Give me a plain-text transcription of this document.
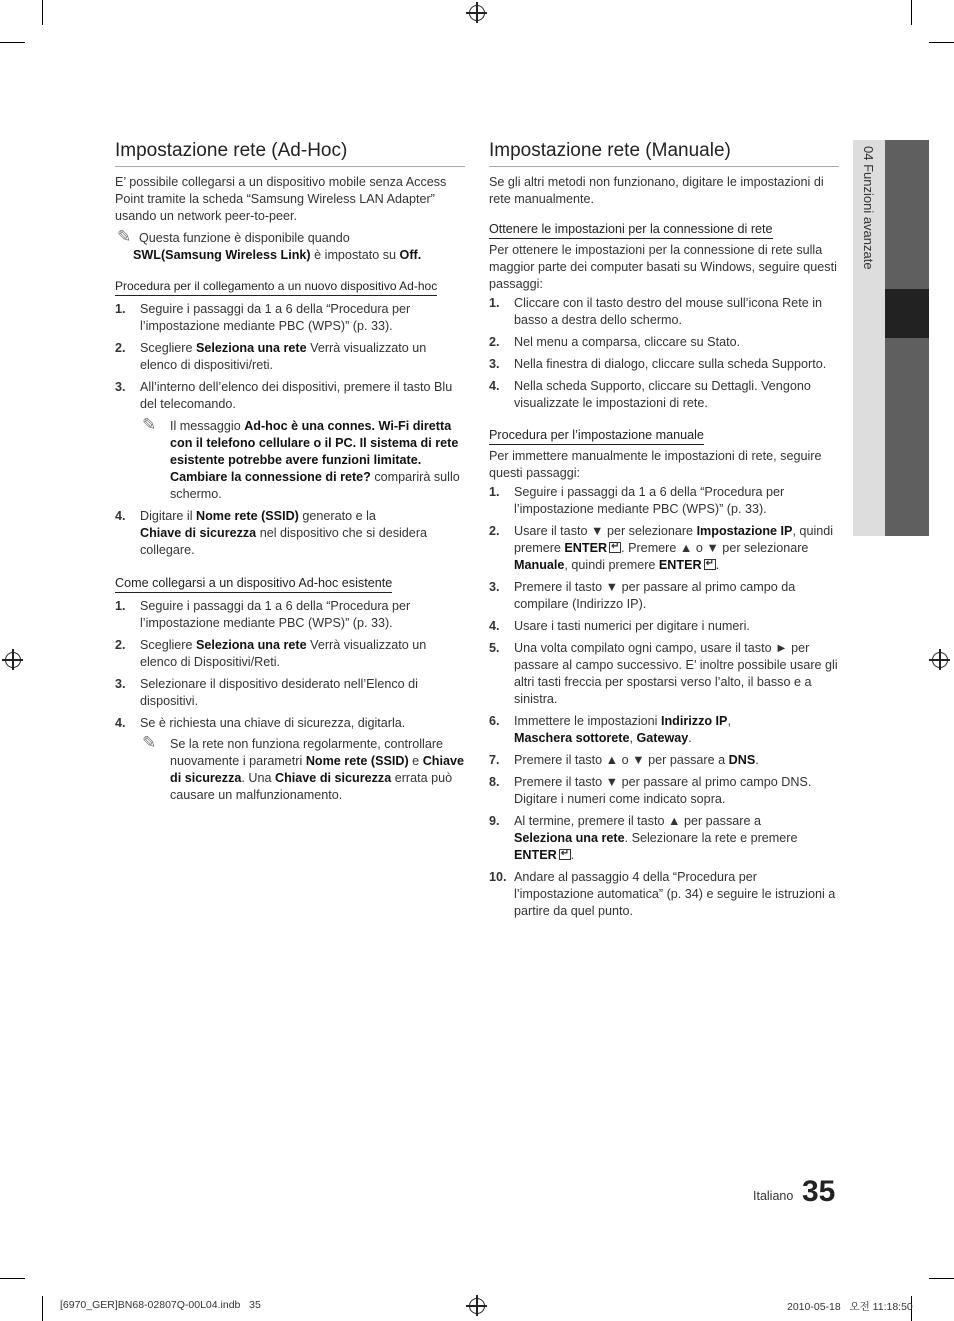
04 Funzioni avanzate
Impostazione rete (Ad-Hoc)

E’ possibile collegarsi a un dispositivo mobile senza Access Point tramite la scheda “Samsung Wireless LAN Adapter” usando un network peer-to-peer.

✎ Questa funzione è disponibile quando
SWL(Samsung Wireless Link) è impostato su Off.
Procedura per il collegamento a un nuovo dispositivo Ad-hoc
1. Seguire i passaggi da 1 a 6 della “Procedura per l’impostazione mediante PBC (WPS)” (p. 33).
2. Scegliere Seleziona una rete Verrà visualizzato un elenco di dispositivi/reti.
3. All’interno dell’elenco dei dispositivi, premere il tasto Blu del telecomando.
✎ Il messaggio Ad-hoc è una connes. Wi-Fi diretta con il telefono cellulare o il PC. Il sistema di rete esistente potrebbe avere funzioni limitate. Cambiare la connessione di rete? comparirà sullo schermo.
4. Digitare il Nome rete (SSID) generato e la
Chiave di sicurezza nel dispositivo che si desidera collegare.
Come collegarsi a un dispositivo Ad-hoc esistente
1. Seguire i passaggi da 1 a 6 della “Procedura per l’impostazione mediante PBC (WPS)” (p. 33).
2. Scegliere Seleziona una rete Verrà visualizzato un elenco di Dispositivi/Reti.
3. Selezionare il dispositivo desiderato nell’Elenco di dispositivi.
4. Se è richiesta una chiave di sicurezza, digitarla.
✎ Se la rete non funziona regolarmente, controllare nuovamente i parametri Nome rete (SSID) e Chiave di sicurezza. Una Chiave di sicurezza errata può causare un malfunzionamento.
Impostazione rete (Manuale)

Se gli altri metodi non funzionano, digitare le impostazioni di rete manualmente.

Ottenere le impostazioni per la connessione di rete

Per ottenere le impostazioni per la connessione di rete sulla maggior parte dei computer basati su Windows, seguire questi passaggi:

1. Cliccare con il tasto destro del mouse sull’icona Rete in basso a destra dello schermo.
2. Nel menu a comparsa, cliccare su Stato.
3. Nella finestra di dialogo, cliccare sulla scheda Supporto.
4. Nella scheda Supporto, cliccare su Dettagli. Vengono visualizzate le impostazioni di rete.
Procedura per l’impostazione manuale

Per immettere manualmente le impostazioni di rete, seguire questi passaggi:

1. Seguire i passaggi da 1 a 6 della “Procedura per l’impostazione mediante PBC (WPS)” (p. 33).
2. Usare il tasto ▼ per selezionare Impostazione IP, quindi premere ENTER ↵ . Premere ▲ o ▼ per selezionare Manuale, quindi premere ENTER ↵ .
3. Premere il tasto ▼ per passare al primo campo da compilare (Indirizzo IP).
4. Usare i tasti numerici per digitare i numeri.
5. Una volta compilato ogni campo, usare il tasto ► per passare al campo successivo. E’ inoltre possibile usare gli altri tasti freccia per spostarsi verso l’alto, il basso e a sinistra.
6. Immettere le impostazioni Indirizzo IP,
Maschera sottorete, Gateway.
7. Premere il tasto ▲ o ▼ per passare a DNS.
8. Premere il tasto ▼ per passare al primo campo DNS. Digitare i numeri come indicato sopra.
9. Al termine, premere il tasto ▲ per passare a
Seleziona una rete. Selezionare la rete e premere
ENTER ↵ .
10. Andare al passaggio 4 della “Procedura per l’impostazione automatica” (p. 34) e seguire le istruzioni a partire da quel punto.
Italiano 35
[6970_GER]BN68-02807Q-00L04.indb   35	2010-05-18   오전 11:18:50
